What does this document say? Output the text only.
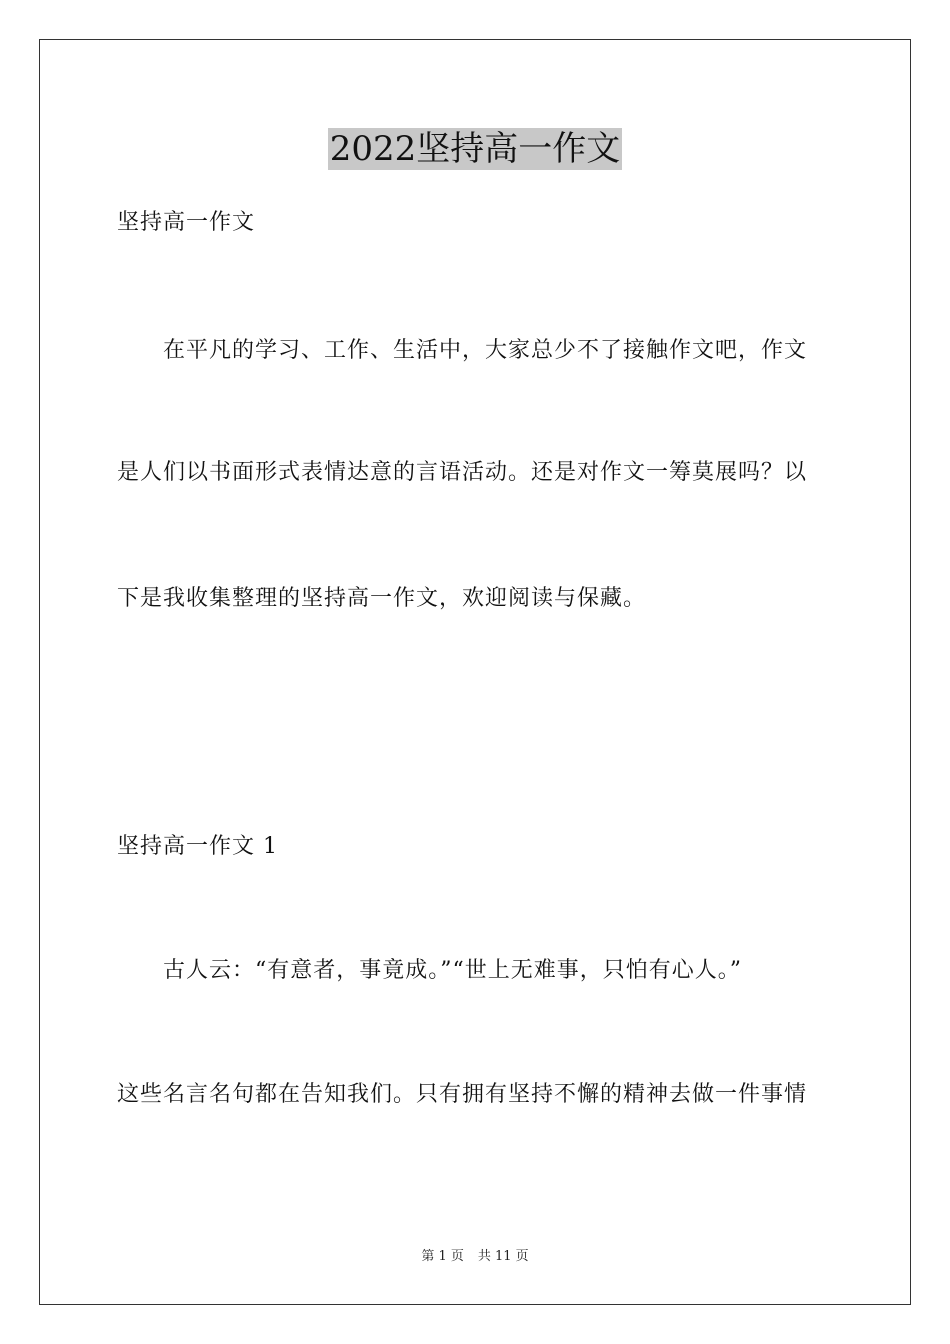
2022坚持高一作文
坚持高一作文
在平凡的学习、工作、生活中，大家总少不了接触作文吧，作文
是人们以书面形式表情达意的言语活动。还是对作文一筹莫展吗？以
下是我收集整理的坚持高一作文，欢迎阅读与保藏。
坚持高一作文 1
古人云：“有意者，事竟成。”“世上无难事，只怕有心人。”
这些名言名句都在告知我们。只有拥有坚持不懈的精神去做一件事情
第 1 页 共 11 页
